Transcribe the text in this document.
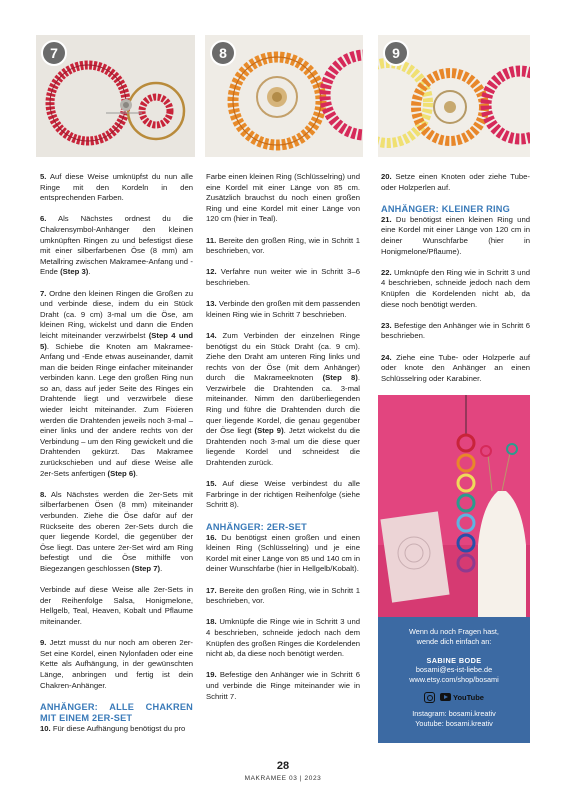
7	8	9

5. Auf diese Weise umknüpfst du nun alle Ringe mit den Kordeln in den entsprechenden Farben.

6. Als Nächstes ordnest du die Chakrensymbol-Anhänger den kleinen umknüpften Ringen zu und befestigst diese mit einer silberfarbenen Öse (8 mm) am Metallring zwischen Makramee-Anfang und -Ende (Step 3).

7. Ordne den kleinen Ringen die Großen zu und verbinde diese, indem du ein Stück Draht (ca. 9 cm) 3-mal um die Öse, am kleinen Ring, wickelst und dann die Enden leicht miteinander verzwirbelst (Step 4 und 5). Schiebe die Knoten am Makramee-Anfang und -Ende etwas auseinander, damit man die beiden Ringe einfacher miteinander verbinden kann. Lege den großen Ring nun so an, dass auf jeder Seite des Ringes ein Drahtende liegt und verzwirbele diese wieder leicht miteinander. Zum Fixieren werden die Drahtenden jeweils noch 3-mal – einer links und der andere rechts von der Verbindung – um den Ring gewickelt und die Drahtenden gekürzt. Das Makramee zurückschieben und auf diese Weise alle 2er-Sets anfertigen (Step 6).

8. Als Nächstes werden die 2er-Sets mit silberfarbenen Ösen (8 mm) miteinander verbunden. Ziehe die Öse dafür auf der Rückseite des oberen 2er-Sets durch die quer liegende Kordel, die gegenüber der Öse liegt. Das untere 2er-Set wird am Ring befestigt und die Öse mithilfe von Biegezangen geschlossen (Step 7).

Verbinde auf diese Weise alle 2er-Sets in der Reihenfolge Salsa, Honigmelone, Hellgelb, Teal, Heaven, Kobalt und Pflaume miteinander.

9. Jetzt musst du nur noch am oberen 2er-Set eine Kordel, einen Nylonfaden oder eine Kette als Aufhängung, in der gewünschten Länge, anbringen und fertig ist dein Chakren-Anhänger.

ANHÄNGER: ALLE CHAKREN MIT EINEM 2ER-SET

10. Für diese Aufhängung benötigst du pro

Farbe einen kleinen Ring (Schlüsselring) und eine Kordel mit einer Länge von 85 cm. Zusätzlich brauchst du noch einen großen Ring und eine Kordel mit einer Länge von 120 cm (hier in Teal).

11. Bereite den großen Ring, wie in Schritt 1 beschrieben, vor.

12. Verfahre nun weiter wie in Schritt 3–6 beschrieben.

13. Verbinde den großen mit dem passenden kleinen Ring wie in Schritt 7 beschrieben.

14. Zum Verbinden der einzelnen Ringe benötigst du ein Stück Draht (ca. 9 cm). Ziehe den Draht am unteren Ring links und rechts von der Öse (mit dem Anhänger) durch die Makrameeknoten (Step 8). Verzwirbele die Drahtenden ca. 3-mal miteinander. Nimm den darüberliegenden Ring und führe die Drahtenden durch die quer liegende Kordel, die genau gegenüber der Öse liegt (Step 9). Jetzt wickelst du die Drahtenden noch 3-mal um die diese quer liegende Kordel und schneidest die Drahtenden zurück.

15. Auf diese Weise verbindest du alle Farbringe in der richtigen Reihenfolge (siehe Schritt 8).

ANHÄNGER: 2ER-SET

16. Du benötigst einen großen und einen kleinen Ring (Schlüsselring) und je eine Kordel mit einer Länge von 85 und 140 cm in deiner Wunschfarbe (hier in Hellgelb/Kobalt).

17. Bereite den großen Ring, wie in Schritt 1 beschrieben, vor.

18. Umknüpfe die Ringe wie in Schritt 3 und 4 beschrieben, schneide jedoch nach dem Knüpfen des großen Ringes die Kordelenden nicht ab, da diese noch benötigt werden.

19. Befestige den Anhänger wie in Schritt 6 und verbinde die Ringe miteinander wie in Schritt 7.

20. Setze einen Knoten oder ziehe Tube- oder Holzperlen auf.

ANHÄNGER: KLEINER RING

21. Du benötigst einen kleinen Ring und eine Kordel mit einer Länge von 120 cm in deiner Wunschfarbe (hier in Honigmelone/Pflaume).

22. Umknüpfe den Ring wie in Schritt 3 und 4 beschrieben, schneide jedoch nach dem Knüpfen die Kordelenden nicht ab, da diese noch benötigt werden.

23. Befestige den Anhänger wie in Schritt 6 beschrieben.

24. Ziehe eine Tube- oder Holzperle auf oder knote den Anhänger an einen Schlüsselring oder Karabiner.

Wenn du noch Fragen hast,
wende dich einfach an:
SABINE BODE
bosami@es-ist-liebe.de
www.etsy.com/shop/bosami
YouTube
Instagram: bosami.kreativ
Youtube: bosami.kreativ
28
MAKRAMEE 03 | 2023
